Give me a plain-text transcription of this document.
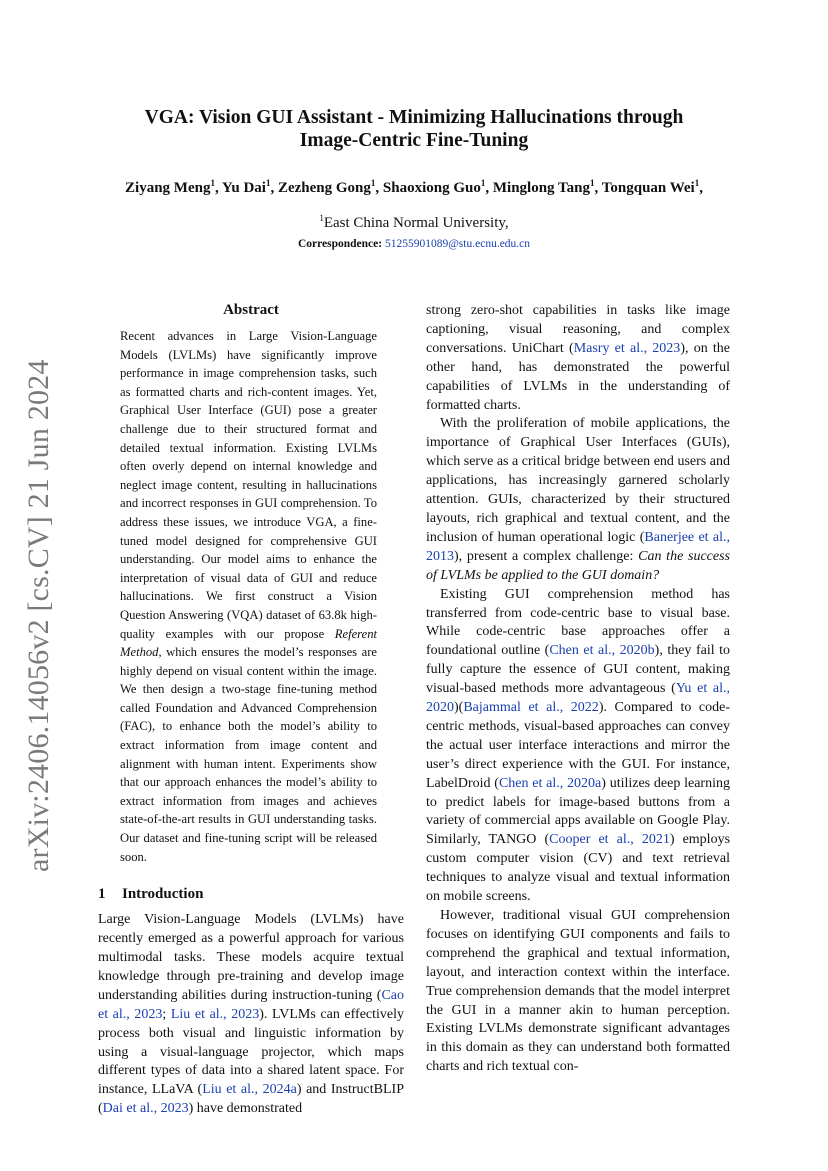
arXiv:2406.14056v2 [cs.CV] 21 Jun 2024
VGA: Vision GUI Assistant - Minimizing Hallucinations through
Image-Centric Fine-Tuning
Ziyang Meng$^1$, Yu Dai$^1$, Zezheng Gong$^1$, Shaoxiong Guo$^1$, Minglong Tang$^1$, Tongquan Wei$^1$,
$^1$East China Normal University,
Correspondence: 51255901089@stu.ecnu.edu.cn
Abstract

Recent advances in Large Vision-Language Models (LVLMs) have significantly improve performance in image comprehension tasks, such as formatted charts and rich-content images. Yet, Graphical User Interface (GUI) pose a greater challenge due to their structured format and detailed textual information. Existing LVLMs often overly depend on internal knowledge and neglect image content, resulting in hallucinations and incorrect responses in GUI comprehension. To address these issues, we introduce VGA, a fine-tuned model designed for comprehensive GUI understanding. Our model aims to enhance the interpretation of visual data of GUI and reduce hallucinations. We first construct a Vision Question Answering (VQA) dataset of 63.8k high-quality examples with our propose Referent Method, which ensures the model’s responses are highly depend on visual content within the image. We then design a two-stage fine-tuning method called Foundation and Advanced Comprehension (FAC), to enhance both the model’s ability to extract information from image content and alignment with human intent. Experiments show that our approach enhances the model’s ability to extract information from images and achieves state-of-the-art results in GUI understanding tasks. Our dataset and fine-tuning script will be released soon.

1 Introduction

Large Vision-Language Models (LVLMs) have recently emerged as a powerful approach for various multimodal tasks. These models acquire textual knowledge through pre-training and develop image understanding abilities during instruction-tuning (Cao et al., 2023; Liu et al., 2023). LVLMs can effectively process both visual and linguistic information by using a visual-language projector, which maps different types of data into a shared latent space. For instance, LLaVA (Liu et al., 2024a) and InstructBLIP (Dai et al., 2023) have demonstrated

strong zero-shot capabilities in tasks like image captioning, visual reasoning, and complex conversations. UniChart (Masry et al., 2023), on the other hand, has demonstrated the powerful capabilities of LVLMs in the understanding of formatted charts.

With the proliferation of mobile applications, the importance of Graphical User Interfaces (GUIs), which serve as a critical bridge between end users and applications, has increasingly garnered scholarly attention. GUIs, characterized by their structured layouts, rich graphical and textual content, and the inclusion of human operational logic (Banerjee et al., 2013), present a complex challenge: Can the success of LVLMs be applied to the GUI domain?

Existing GUI comprehension method has transferred from code-centric base to visual base. While code-centric base approaches offer a foundational outline (Chen et al., 2020b), they fail to fully capture the essence of GUI content, making visual-based methods more advantageous (Yu et al., 2020)(Bajammal et al., 2022). Compared to code-centric methods, visual-based approaches can convey the actual user interface interactions and mirror the user’s direct experience with the GUI. For instance, LabelDroid (Chen et al., 2020a) utilizes deep learning to predict labels for image-based buttons from a variety of commercial apps available on Google Play. Similarly, TANGO (Cooper et al., 2021) employs custom computer vision (CV) and text retrieval techniques to analyze visual and textual information on mobile screens.

However, traditional visual GUI comprehension focuses on identifying GUI components and fails to comprehend the graphical and textual information, layout, and interaction context within the interface. True comprehension demands that the model interpret the GUI in a manner akin to human perception. Existing LVLMs demonstrate significant advantages in this domain as they can understand both formatted charts and rich textual con-
